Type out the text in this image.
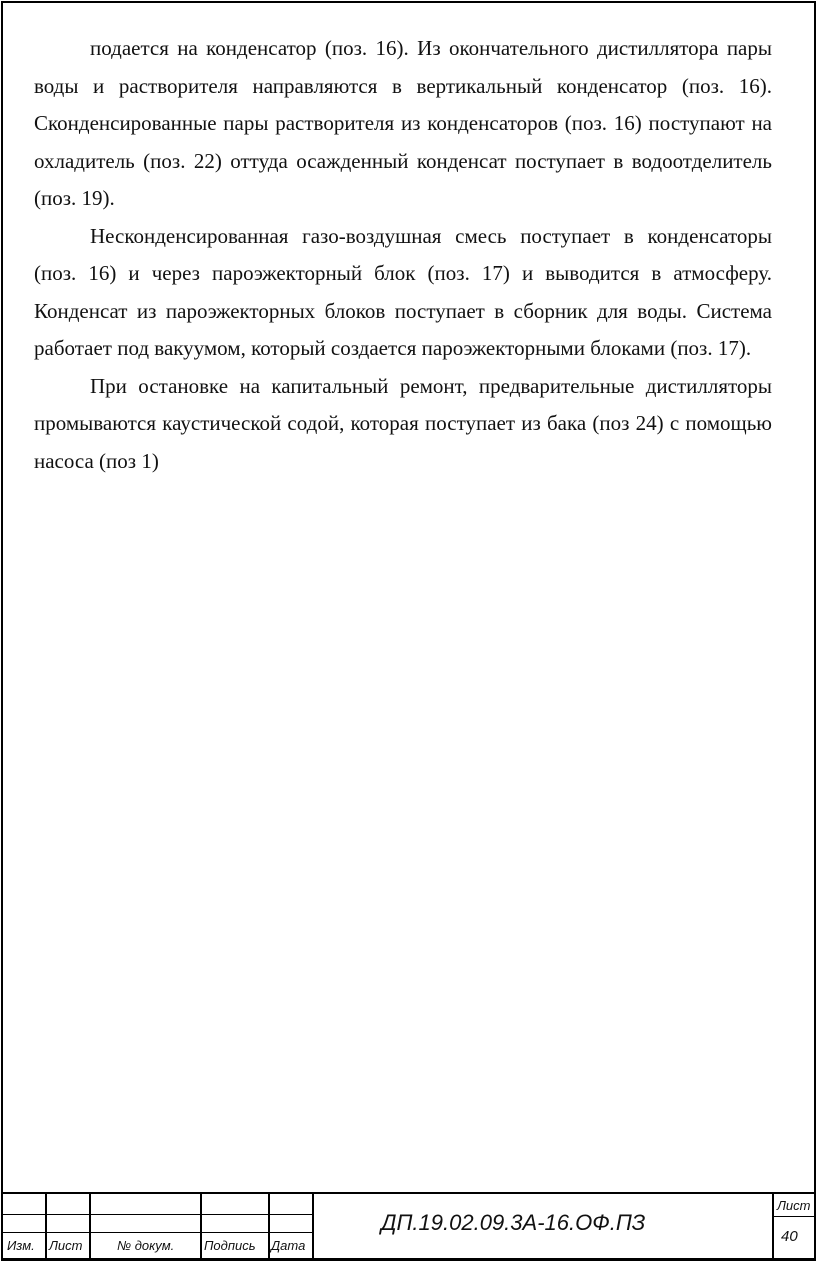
подается на конденсатор (поз. 16). Из окончательного дистиллятора пары воды и растворителя направляются в вертикальный конденсатор (поз. 16). Сконденсированные пары растворителя из конденсаторов (поз. 16) поступают на охладитель (поз. 22) оттуда осажденный конденсат поступает в водоотделитель (поз. 19).

Несконденсированная газо-воздушная смесь поступает в конденсаторы (поз. 16) и через пароэжекторный блок (поз. 17) и выводится в атмосферу. Конденсат из пароэжекторных блоков поступает в сборник для воды. Система работает под вакуумом, который создается пароэжекторными блоками (поз. 17).

При остановке на капитальный ремонт, предварительные дистилляторы промываются каустической содой, которая поступает из бака (поз 24) с помощью насоса (поз 1)

Изм. Лист	№ докум. Подпись Дата
ДП.19.02.09.3А-16.ОФ.ПЗ
Лист
40
